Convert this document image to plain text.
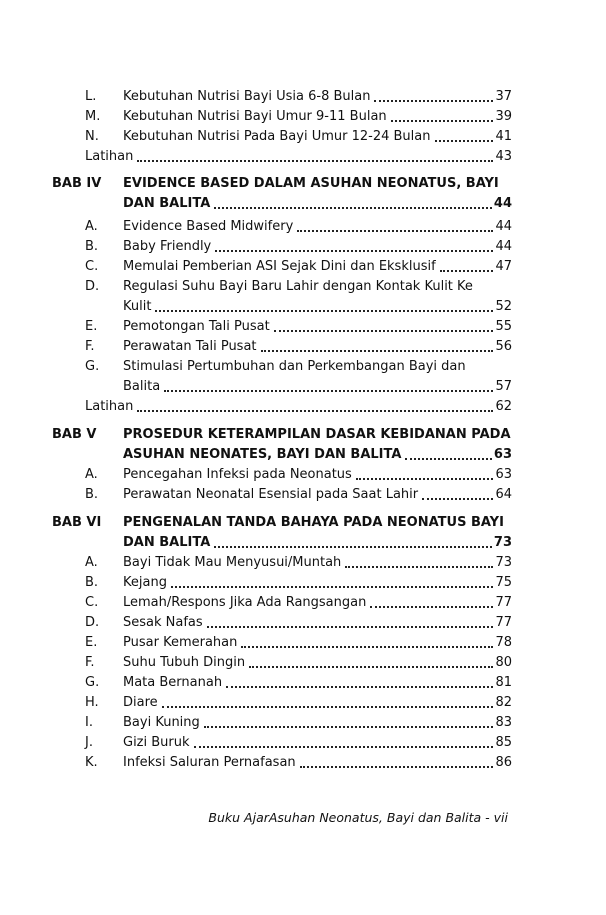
L. Kebutuhan Nutrisi Bayi Usia 6-8 Bulan	37
M. Kebutuhan Nutrisi Bayi Umur 9-11 Bulan	39
N. Kebutuhan Nutrisi Pada Bayi Umur 12-24 Bulan	41
Latihan	43
BAB IV EVIDENCE BASED DALAM ASUHAN NEONATUS, BAYI
DAN BALITA	44
A. Evidence Based Midwifery	44
B. Baby Friendly	44
C. Memulai Pemberian ASI Sejak Dini dan Eksklusif	47
D. Regulasi Suhu Bayi Baru Lahir dengan Kontak Kulit Ke
Kulit	52
E. Pemotongan Tali Pusat	55
F. Perawatan Tali Pusat	56
G. Stimulasi Pertumbuhan dan Perkembangan Bayi dan
Balita	57
Latihan	62
BAB V PROSEDUR KETERAMPILAN DASAR KEBIDANAN PADA
ASUHAN NEONATES, BAYI DAN BALITA	63
A. Pencegahan Infeksi pada Neonatus	63
B. Perawatan Neonatal Esensial pada Saat Lahir	64
BAB VI PENGENALAN TANDA BAHAYA PADA NEONATUS BAYI
DAN BALITA	73
A. Bayi Tidak Mau Menyusui/Muntah	73
B. Kejang	75
C. Lemah/Respons Jika Ada Rangsangan	77
D. Sesak Nafas	77
E. Pusar Kemerahan	78
F. Suhu Tubuh Dingin	80
G. Mata Bernanah	81
H. Diare	82
I. Bayi Kuning	83
J. Gizi Buruk	85
K. Infeksi Saluran Pernafasan	86
Buku AjarAsuhan Neonatus, Bayi dan Balita - vii
